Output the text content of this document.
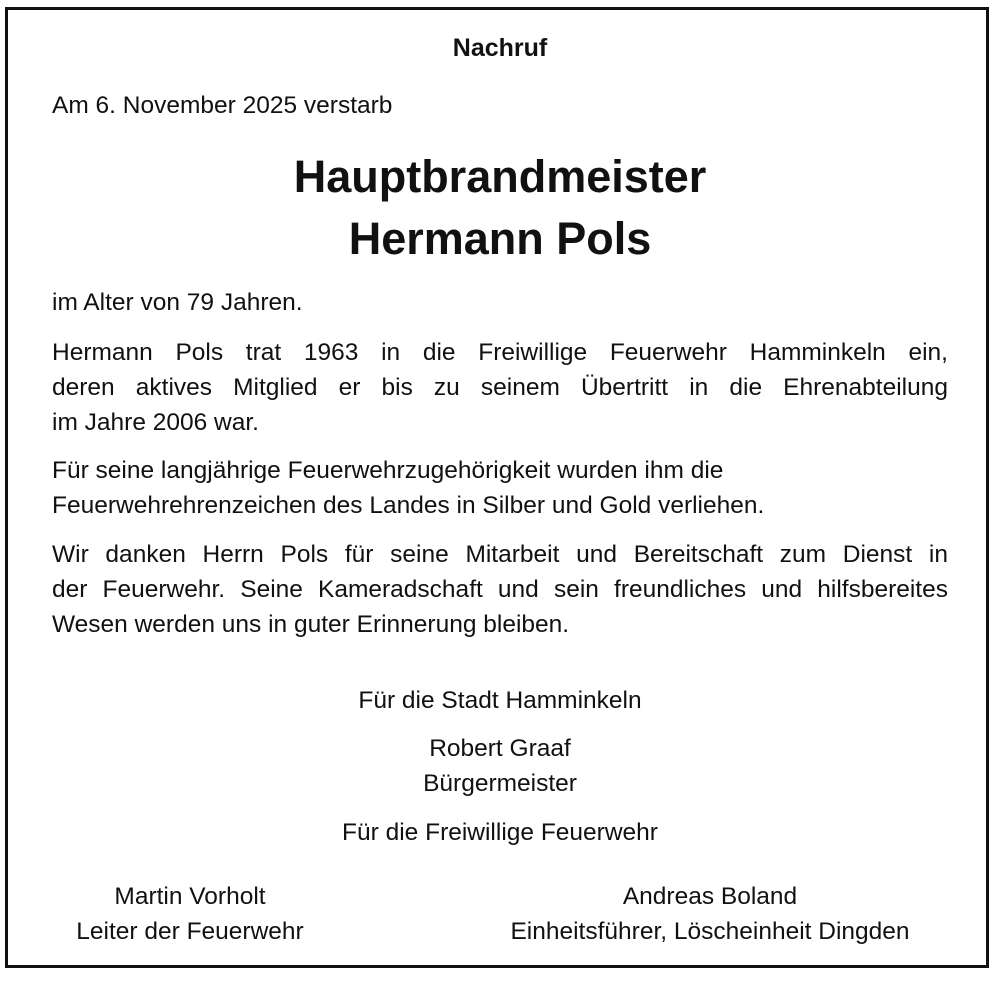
Nachruf
Am 6. November 2025 verstarb
Hauptbrandmeister
Hermann Pols
im Alter von 79 Jahren.
Hermann Pols trat 1963 in die Freiwillige Feuerwehr Hamminkeln ein,
deren aktives Mitglied er bis zu seinem Übertritt in die Ehrenabteilung
im Jahre 2006 war.
Für seine langjährige Feuerwehrzugehörigkeit wurden ihm die
Feuerwehrehrenzeichen des Landes in Silber und Gold verliehen.
Wir danken Herrn Pols für seine Mitarbeit und Bereitschaft zum Dienst in
der Feuerwehr. Seine Kameradschaft und sein freundliches und hilfsbereites
Wesen werden uns in guter Erinnerung bleiben.
Für die Stadt Hamminkeln
Robert Graaf
Bürgermeister
Für die Freiwillige Feuerwehr
Martin Vorholt
Leiter der Feuerwehr
Andreas Boland
Einheitsführer, Löscheinheit Dingden
